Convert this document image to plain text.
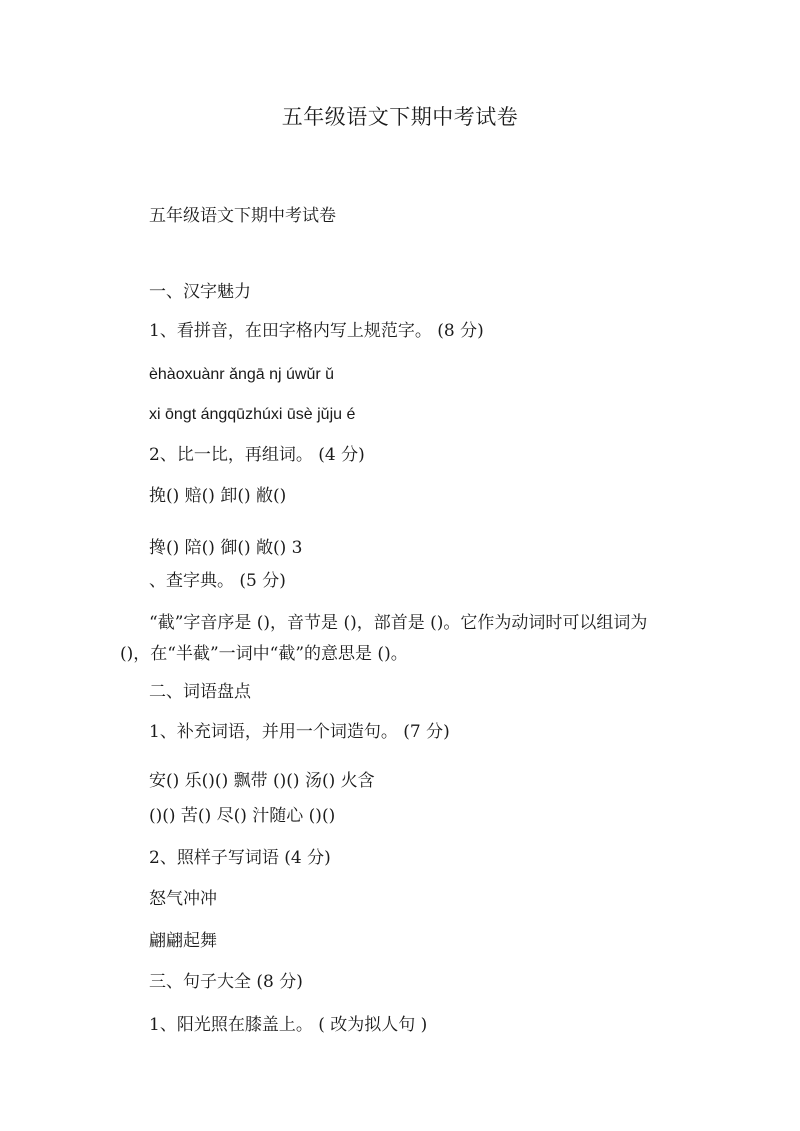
五年级语文下期中考试卷
五年级语文下期中考试卷
一、汉字魅力
1、看拼音，在田字格内写上规范字。 (8 分)
èhàoxuànr ǎngā nj úwǔr ǔ
xi ōngt ángqūzhúxi ūsè jǔju é
2、比一比，再组词。 (4 分)
挽() 赔() 卸() 敝()
搀() 陪() 御() 敞() 3
、查字典。 (5 分)
“截”字音序是 ()，音节是 ()，部首是 ()。它作为动词时可以组词为 ()，在“半截”一词中“截”的意思是 ()。
二、词语盘点
1、补充词语，并用一个词造句。 (7 分)
安() 乐()() 飘带 ()() 汤() 火含
()() 苦() 尽() 汁随心 ()()
2、照样子写词语 (4 分)
怒气冲冲
翩翩起舞
三、句子大全 (8 分)
1、阳光照在膝盖上。 ( 改为拟人句 )
